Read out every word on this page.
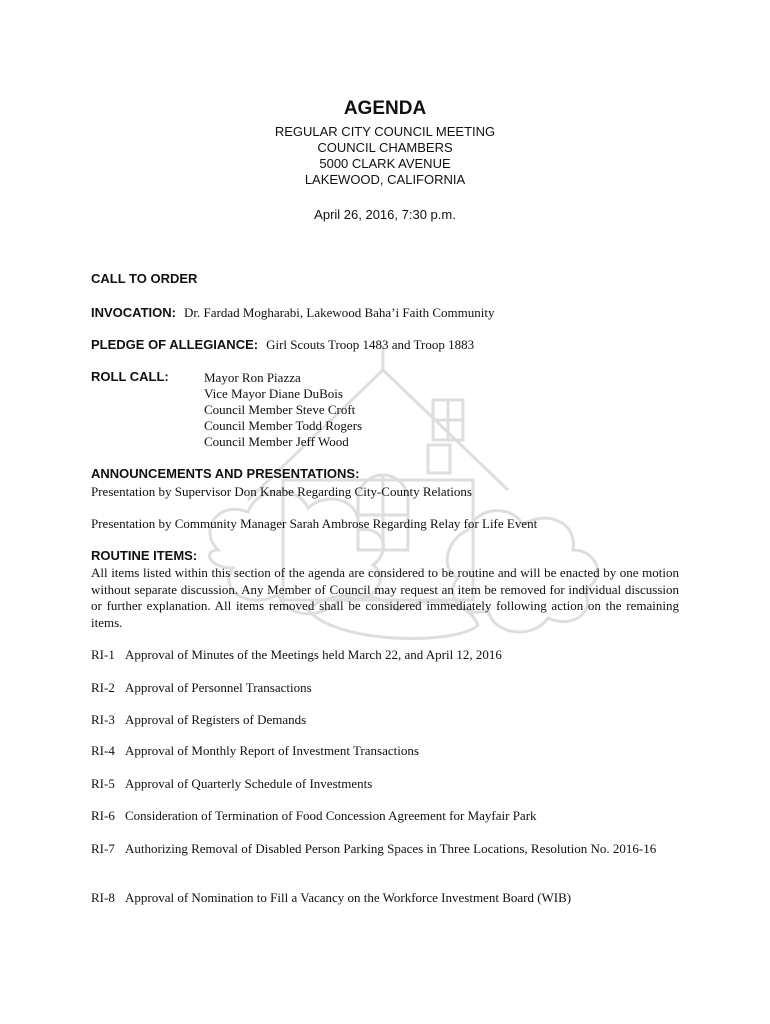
AGENDA
REGULAR CITY COUNCIL MEETING
COUNCIL CHAMBERS
5000 CLARK AVENUE
LAKEWOOD, CALIFORNIA
April 26, 2016, 7:30 p.m.
CALL TO ORDER
INVOCATION: Dr. Fardad Mogharabi, Lakewood Baha’i Faith Community
PLEDGE OF ALLEGIANCE: Girl Scouts Troop 1483 and Troop 1883
ROLL CALL:	Mayor Ron Piazza
Vice Mayor Diane DuBois
Council Member Steve Croft
Council Member Todd Rogers
Council Member Jeff Wood
ANNOUNCEMENTS AND PRESENTATIONS:
Presentation by Supervisor Don Knabe Regarding City-County Relations
Presentation by Community Manager Sarah Ambrose Regarding Relay for Life Event
ROUTINE ITEMS:
All items listed within this section of the agenda are considered to be routine and will be enacted by one motion without separate discussion. Any Member of Council may request an item be removed for individual discussion or further explanation. All items removed shall be considered immediately following action on the remaining items.
RI-1 Approval of Minutes of the Meetings held March 22, and April 12, 2016
RI-2 Approval of Personnel Transactions
RI-3 Approval of Registers of Demands
RI-4 Approval of Monthly Report of Investment Transactions
RI-5 Approval of Quarterly Schedule of Investments
RI-6 Consideration of Termination of Food Concession Agreement for Mayfair Park
RI-7 Authorizing Removal of Disabled Person Parking Spaces in Three Locations, Resolution No. 2016-16
RI-8 Approval of Nomination to Fill a Vacancy on the Workforce Investment Board (WIB)
